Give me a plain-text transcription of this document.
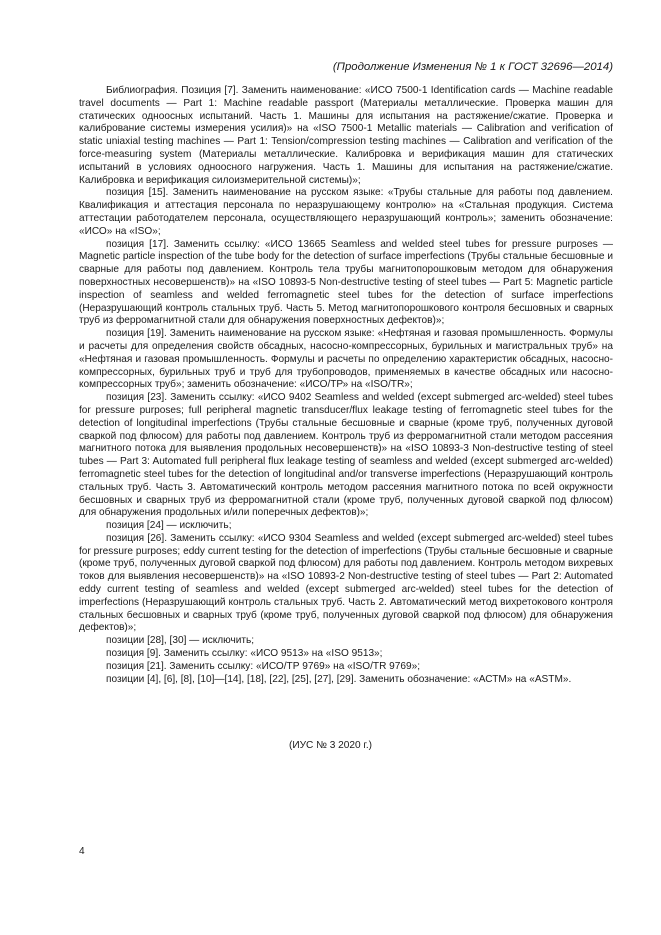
(Продолжение Изменения № 1 к ГОСТ 32696—2014)

Библиография. Позиция [7]. Заменить наименование: «ИСО 7500-1 Identification cards — Machine readable travel documents — Part 1: Machine readable passport (Материалы металлические. Проверка машин для статических одноосных испытаний. Часть 1. Машины для испытания на растяжение/сжатие. Проверка и калибрование системы измерения усилия)» на «ISO 7500-1 Metallic materials — Calibration and verification of static uniaxial testing machines — Part 1: Tension/compression testing machines — Calibration and verification of the force-measuring system (Материалы металлические. Калибровка и верификация машин для статических испытаний в условиях одноосного нагружения. Часть 1. Машины для испытания на растяжение/сжатие. Калибровка и верификация силоизмерительной системы)»;

позиция [15]. Заменить наименование на русском языке: «Трубы стальные для работы под давлением. Квалификация и аттестация персонала по неразрушающему контролю» на «Стальная продукция. Система аттестации работодателем персонала, осуществляющего неразрушающий контроль»; заменить обозначение: «ИСО» на «ISO»;

позиция [17]. Заменить ссылку: «ИСО 13665 Seamless and welded steel tubes for pressure purposes — Magnetic particle inspection of the tube body for the detection of surface imperfections (Трубы стальные бесшовные и сварные для работы под давлением. Контроль тела трубы магнитопорошковым методом для обнаружения поверхностных несовершенств)» на «ISO 10893-5 Non-destructive testing of steel tubes — Part 5: Magnetic particle inspection of seamless and welded ferromagnetic steel tubes for the detection of surface imperfections (Неразрушающий контроль стальных труб. Часть 5. Метод магнитопорошкового контроля бесшовных и сварных труб из ферромагнитной стали для обнаружения поверхностных дефектов)»;

позиция [19]. Заменить наименование на русском языке: «Нефтяная и газовая промышленность. Формулы и расчеты для определения свойств обсадных, насосно-компрессорных, бурильных и магистральных труб» на «Нефтяная и газовая промышленность. Формулы и расчеты по определению характеристик обсадных, насосно-компрессорных, бурильных труб и труб для трубопроводов, применяемых в качестве обсадных или насосно-компрессорных труб»; заменить обозначение: «ИСО/ТР» на «ISO/TR»;

позиция [23]. Заменить ссылку: «ИСО 9402 Seamless and welded (except submerged arc-welded) steel tubes for pressure purposes; full peripheral magnetic transducer/flux leakage testing of ferromagnetic steel tubes for the detection of longitudinal imperfections (Трубы стальные бесшовные и сварные (кроме труб, полученных дуговой сваркой под флюсом) для работы под давлением. Контроль труб из ферромагнитной стали методом рассеяния магнитного потока для выявления продольных несовершенств)» на «ISO 10893-3 Non-destructive testing of steel tubes — Part 3: Automated full peripheral flux leakage testing of seamless and welded (except submerged arc-welded) ferromagnetic steel tubes for the detection of longitudinal and/or transverse imperfections (Неразрушающий контроль стальных труб. Часть 3. Автоматический контроль методом рассеяния магнитного потока по всей окружности бесшовных и сварных труб из ферромагнитной стали (кроме труб, полученных дуговой сваркой под флюсом) для обнаружения продольных и/или поперечных дефектов)»;

позиция [24] — исключить;

позиция [26]. Заменить ссылку: «ИСО 9304 Seamless and welded (except submerged arc-welded) steel tubes for pressure purposes; eddy current testing for the detection of imperfections (Трубы стальные бесшовные и сварные (кроме труб, полученных дуговой сваркой под флюсом) для работы под давлением. Контроль методом вихревых токов для выявления несовершенств)» на «ISO 10893-2 Non-destructive testing of steel tubes — Part 2: Automated eddy current testing of seamless and welded (except submerged arc-welded) steel tubes for the detection of imperfections (Неразрушающий контроль стальных труб. Часть 2. Автоматический метод вихретокового контроля стальных бесшовных и сварных труб (кроме труб, полученных дуговой сваркой под флюсом) для обнаружения дефектов)»;

позиции [28], [30] — исключить;

позиция [9]. Заменить ссылку: «ИСО 9513» на «ISO 9513»;

позиция [21]. Заменить ссылку: «ИСО/ТР 9769» на «ISO/TR 9769»;

позиции [4], [6], [8], [10]—[14], [18], [22], [25], [27], [29]. Заменить обозначение: «АСТМ» на «ASTM».

(ИУС № 3 2020 г.)
4
